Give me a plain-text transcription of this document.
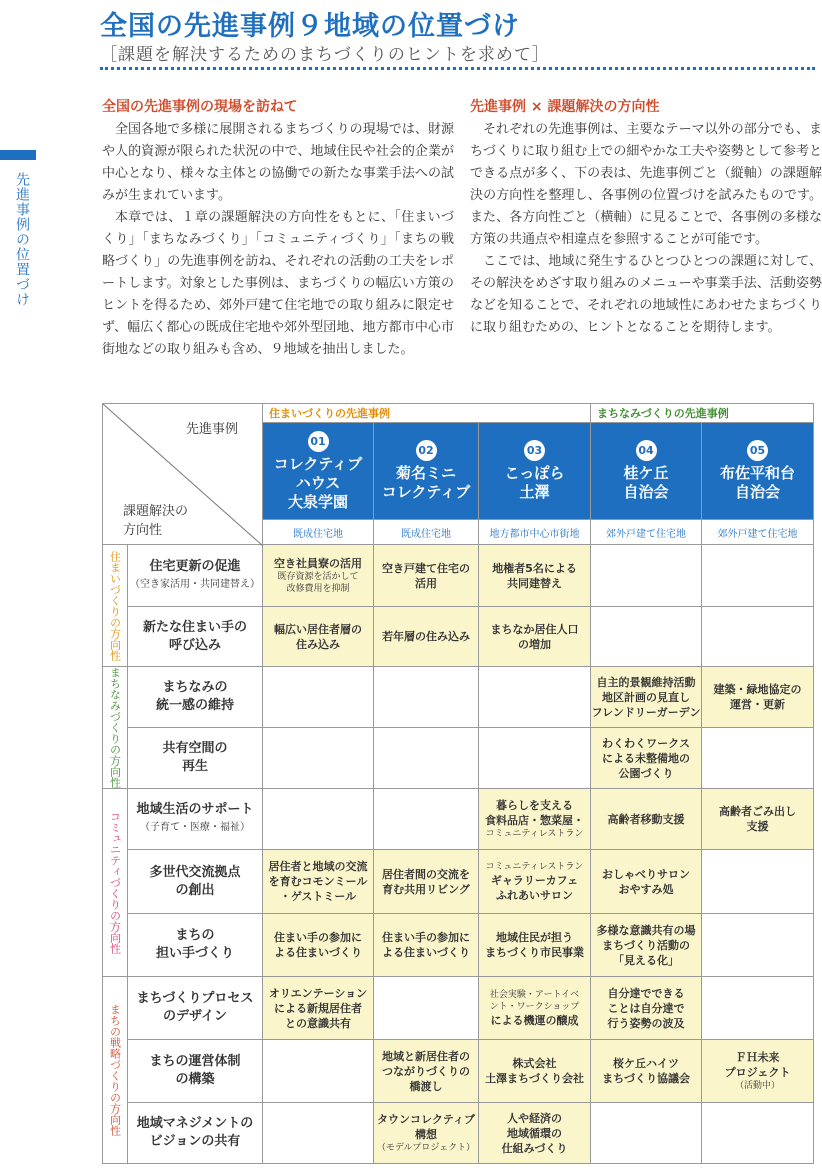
全国の先進事例９地域の位置づけ
［課題を解決するためのまちづくりのヒントを求めて］
先進事例の位置づけ
全国の先進事例の現場を訪ねて

全国各地で多様に展開されるまちづくりの現場では、財源や人的資源が限られた状況の中で、地域住民や社会的企業が中心となり、様々な主体との協働での新たな事業手法への試みが生まれています。

本章では、１章の課題解決の方向性をもとに、「住まいづくり」「まちなみづくり」「コミュニティづくり」「まちの戦略づくり」の先進事例を訪ね、それぞれの活動の工夫をレポートします。対象とした事例は、まちづくりの幅広い方策のヒントを得るため、郊外戸建て住宅地での取り組みに限定せず、幅広く都心の既成住宅地や郊外型団地、地方都市中心市街地などの取り組みも含め、９地域を抽出しました。

先進事例 × 課題解決の方向性

それぞれの先進事例は、主要なテーマ以外の部分でも、まちづくりに取り組む上での細やかな工夫や姿勢として参考とできる点が多く、下の表は、先進事例ごと（縦軸）の課題解決の方向性を整理し、各事例の位置づけを試みたものです。また、各方向性ごと（横軸）に見ることで、各事例の多様な方策の共通点や相違点を参照することが可能です。

ここでは、地域に発生するひとつひとつの課題に対して、その解決をめざす取り組みのメニューや事業手法、活動姿勢などを知ることで、それぞれの地域性にあわせたまちづくりに取り組むための、ヒントとなることを期待します。

先進事例
課題解決の
方向性		住まいづくりの先進事例			まちなみづくりの先進事例	
		01
コレクティブ
ハウス
大泉学園	02
菊名ミニ
コレクティブ	03
こっぽら
土澤	04
桂ケ丘
自治会	05
布佐平和台
自治会
		既成住宅地	既成住宅地	地方都市中心市街地	郊外戸建て住宅地	郊外戸建て住宅地
住まいづくりの方向性	住宅更新の促進
（空き家活用・共同建替え）	空き社員寮の活用
既存資源を活かして
改修費用を抑制	空き戸建て住宅の
活用	地権者5名による
共同建替え		
	新たな住まい手の
呼び込み	幅広い居住者層の
住み込み	若年層の住み込み	まちなか居住人口
の増加		
まちなみづくりの方向性	まちなみの
統一感の維持				自主的景観維持活動
地区計画の見直し
フレンドリーガーデン	建築・緑地協定の
運営・更新
	共有空間の
再生				わくわくワークス
による未整備地の
公園づくり	
コミュニティづくりの方向性	地域生活のサポート
（子育て・医療・福祉）			暮らしを支える
食料品店・惣菜屋・
コミュニティレストラン	高齢者移動支援	高齢者ごみ出し
支援
	多世代交流拠点
の創出	居住者と地域の交流
を育むコモンミール
・ゲストミール	居住者間の交流を
育む共用リビング	コミュニティレストラン
ギャラリーカフェ
ふれあいサロン	おしゃべりサロン
おやすみ処	
	まちの
担い手づくり	住まい手の参加に
よる住まいづくり	住まい手の参加に
よる住まいづくり	地域住民が担う
まちづくり市民事業	多様な意識共有の場
まちづくり活動の
「見える化」	
まちの戦略づくりの方向性	まちづくりプロセス
のデザイン	オリエンテーション
による新規居住者
との意識共有		社会実験・アートイベ
ント・ワークショップ
による機運の醸成	自分達でできる
ことは自分達で
行う姿勢の波及	
	まちの運営体制
の構築		地域と新居住者の
つながりづくりの
橋渡し	株式会社
土澤まちづくり会社	桜ケ丘ハイツ
まちづくり協議会	ＦＨ未来
プロジェクト
（活動中）

	地域マネジメントの
ビジョンの共有		タウンコレクティブ
構想
（モデルプロジェクト）	人や経済の
地域循環の
仕組みづくり		
